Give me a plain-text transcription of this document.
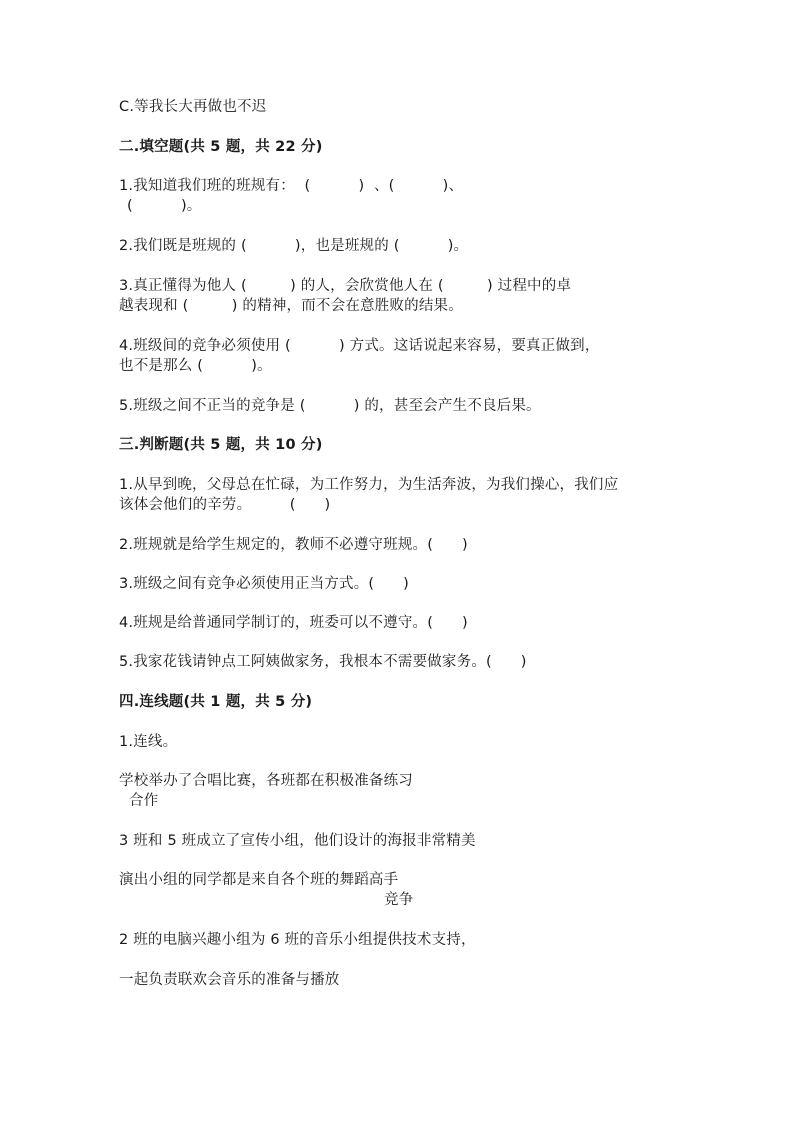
C.等我长大再做也不迟
二.填空题(共 5 题，共 22 分)
1.我知道我们班的班规有：  (          )  、(          )、
(          )。
2.我们既是班规的 (          )，也是班规的 (          )。
3.真正懂得为他人 (         ) 的人，会欣赏他人在 (         ) 过程中的卓
越表现和 (         ) 的精神，而不会在意胜败的结果。
4.班级间的竞争必须使用 (          ) 方式。这话说起来容易，要真正做到，
也不是那么 (          )。
5.班级之间不正当的竞争是 (          ) 的，甚至会产生不良后果。
三.判断题(共 5 题，共 10 分)
1.从早到晚，父母总在忙碌，为工作努力，为生活奔波，为我们操心，我们应
该体会他们的辛劳。        (      )
2.班规就是给学生规定的，教师不必遵守班规。(      )
3.班级之间有竞争必须使用正当方式。(      )
4.班规是给普通同学制订的，班委可以不遵守。(      )
5.我家花钱请钟点工阿姨做家务，我根本不需要做家务。(      )
四.连线题(共 1 题，共 5 分)
1.连线。
学校举办了合唱比赛，各班都在积极准备练习
合作
3 班和 5 班成立了宣传小组，他们设计的海报非常精美
演出小组的同学都是来自各个班的舞蹈高手
竞争
2 班的电脑兴趣小组为 6 班的音乐小组提供技术支持，
一起负责联欢会音乐的准备与播放
